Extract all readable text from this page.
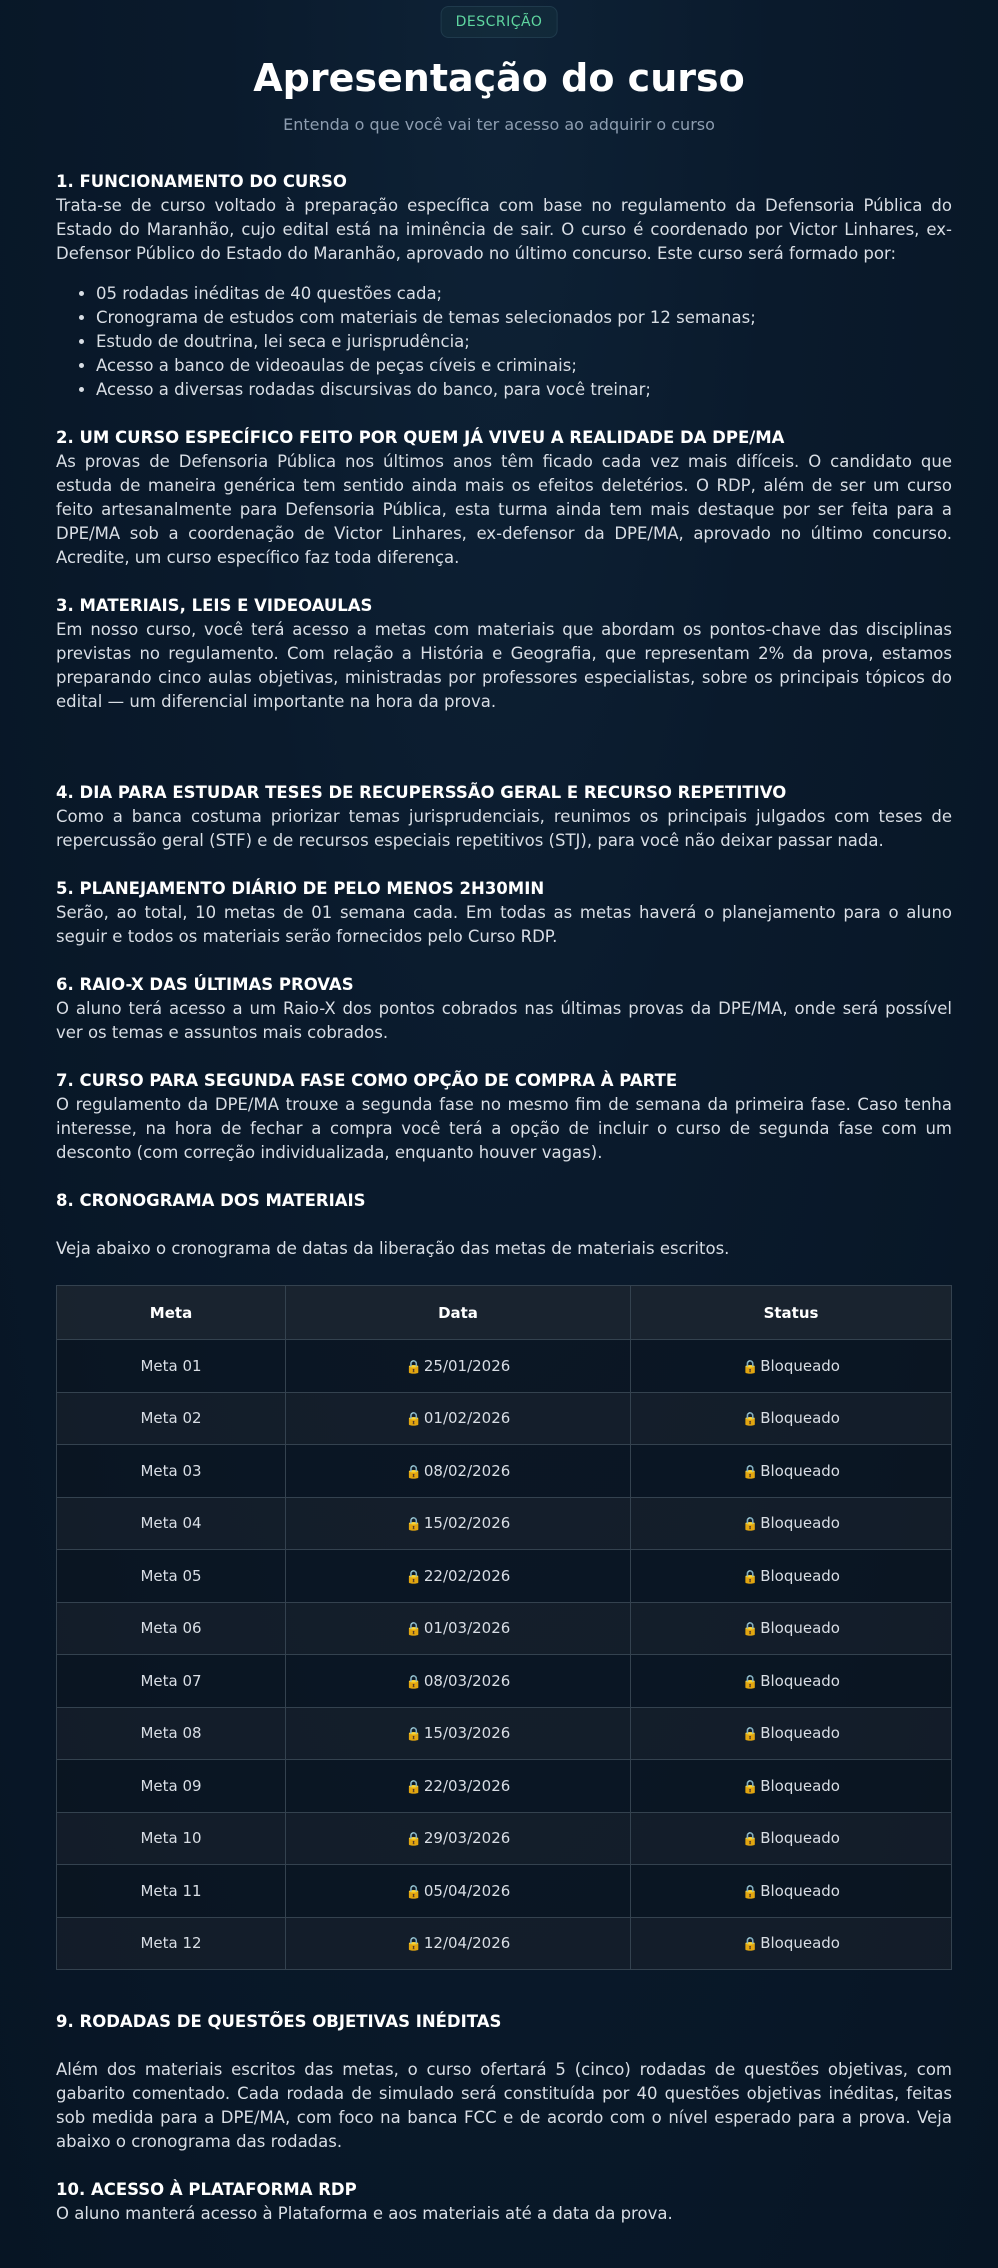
DESCRIÇÃO
Apresentação do curso

Entenda o que você vai ter acesso ao adquirir o curso

1. FUNCIONAMENTO DO CURSO

Trata-se de curso voltado à preparação específica com base no regulamento da Defensoria Pública do Estado do Maranhão, cujo edital está na iminência de sair. O curso é coordenado por Victor Linhares, ex-Defensor Público do Estado do Maranhão, aprovado no último concurso. Este curso será formado por:

• 05 rodadas inéditas de 40 questões cada;
• Cronograma de estudos com materiais de temas selecionados por 12 semanas;
• Estudo de doutrina, lei seca e jurisprudência;
• Acesso a banco de videoaulas de peças cíveis e criminais;
• Acesso a diversas rodadas discursivas do banco, para você treinar;
2. UM CURSO ESPECÍFICO FEITO POR QUEM JÁ VIVEU A REALIDADE DA DPE/MA

As provas de Defensoria Pública nos últimos anos têm ficado cada vez mais difíceis. O candidato que estuda de maneira genérica tem sentido ainda mais os efeitos deletérios. O RDP, além de ser um curso feito artesanalmente para Defensoria Pública, esta turma ainda tem mais destaque por ser feita para a DPE/MA sob a coordenação de Victor Linhares, ex-defensor da DPE/MA, aprovado no último concurso. Acredite, um curso específico faz toda diferença.

3. MATERIAIS, LEIS E VIDEOAULAS

Em nosso curso, você terá acesso a metas com materiais que abordam os pontos-chave das disciplinas previstas no regulamento. Com relação a História e Geografia, que representam 2% da prova, estamos preparando cinco aulas objetivas, ministradas por professores especialistas, sobre os principais tópicos do edital — um diferencial importante na hora da prova.

4. DIA PARA ESTUDAR TESES DE RECUPERSSÃO GERAL E RECURSO REPETITIVO

Como a banca costuma priorizar temas jurisprudenciais, reunimos os principais julgados com teses de repercussão geral (STF) e de recursos especiais repetitivos (STJ), para você não deixar passar nada.

5. PLANEJAMENTO DIÁRIO DE PELO MENOS 2H30MIN

Serão, ao total, 10 metas de 01 semana cada. Em todas as metas haverá o planejamento para o aluno seguir e todos os materiais serão fornecidos pelo Curso RDP.

6. RAIO-X DAS ÚLTIMAS PROVAS

O aluno terá acesso a um Raio-X dos pontos cobrados nas últimas provas da DPE/MA, onde será possível ver os temas e assuntos mais cobrados.

7. CURSO PARA SEGUNDA FASE COMO OPÇÃO DE COMPRA À PARTE

O regulamento da DPE/MA trouxe a segunda fase no mesmo fim de semana da primeira fase. Caso tenha interesse, na hora de fechar a compra você terá a opção de incluir o curso de segunda fase com um desconto (com correção individualizada, enquanto houver vagas).

8. CRONOGRAMA DOS MATERIAIS

Veja abaixo o cronograma de datas da liberação das metas de materiais escritos.

Meta	Data	Status
Meta 01	🔒 25/01/2026	🔒 Bloqueado
Meta 02	🔒 01/02/2026	🔒 Bloqueado
Meta 03	🔒 08/02/2026	🔒 Bloqueado
Meta 04	🔒 15/02/2026	🔒 Bloqueado
Meta 05	🔒 22/02/2026	🔒 Bloqueado
Meta 06	🔒 01/03/2026	🔒 Bloqueado
Meta 07	🔒 08/03/2026	🔒 Bloqueado
Meta 08	🔒 15/03/2026	🔒 Bloqueado
Meta 09	🔒 22/03/2026	🔒 Bloqueado
Meta 10	🔒 29/03/2026	🔒 Bloqueado
Meta 11	🔒 05/04/2026	🔒 Bloqueado
Meta 12	🔒 12/04/2026	🔒 Bloqueado
9. RODADAS DE QUESTÕES OBJETIVAS INÉDITAS

Além dos materiais escritos das metas, o curso ofertará 5 (cinco) rodadas de questões objetivas, com gabarito comentado. Cada rodada de simulado será constituída por 40 questões objetivas inéditas, feitas sob medida para a DPE/MA, com foco na banca FCC e de acordo com o nível esperado para a prova. Veja abaixo o cronograma das rodadas.

10. ACESSO À PLATAFORMA RDP

O aluno manterá acesso à Plataforma e aos materiais até a data da prova.
